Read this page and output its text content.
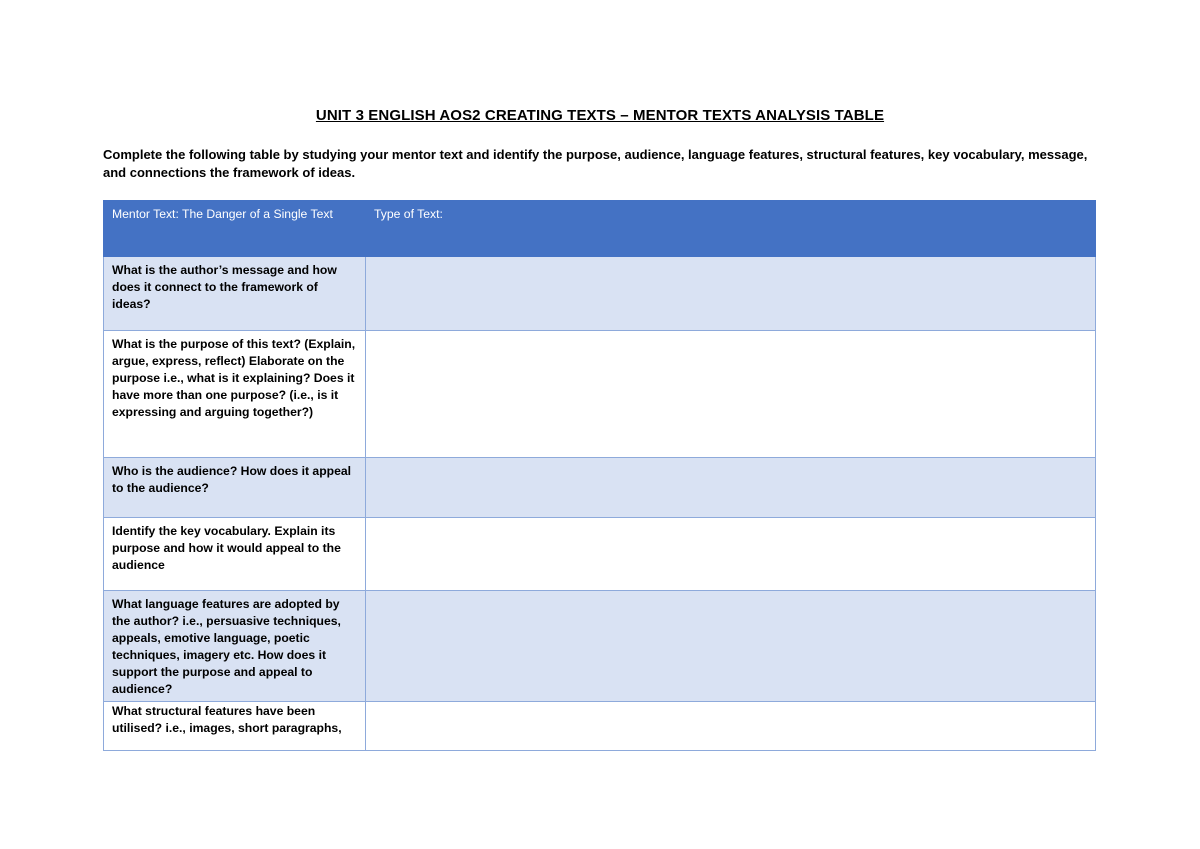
UNIT 3 ENGLISH AOS2 CREATING TEXTS – MENTOR TEXTS ANALYSIS TABLE
Complete the following table by studying your mentor text and identify the purpose, audience, language features, structural features, key vocabulary, message, and connections the framework of ideas.
Mentor Text: The Danger of a Single Text	Type of Text:
What is the author’s message and how does it connect to the framework of ideas?	
What is the purpose of this text? (Explain, argue, express, reflect) Elaborate on the purpose i.e., what is it explaining? Does it have more than one purpose? (i.e., is it expressing and arguing together?)	
Who is the audience? How does it appeal to the audience?	
Identify the key vocabulary. Explain its purpose and how it would appeal to the audience	
What language features are adopted by the author? i.e., persuasive techniques, appeals, emotive language, poetic techniques, imagery etc. How does it support the purpose and appeal to audience?	
What structural features have been utilised? i.e., images, short paragraphs,	
